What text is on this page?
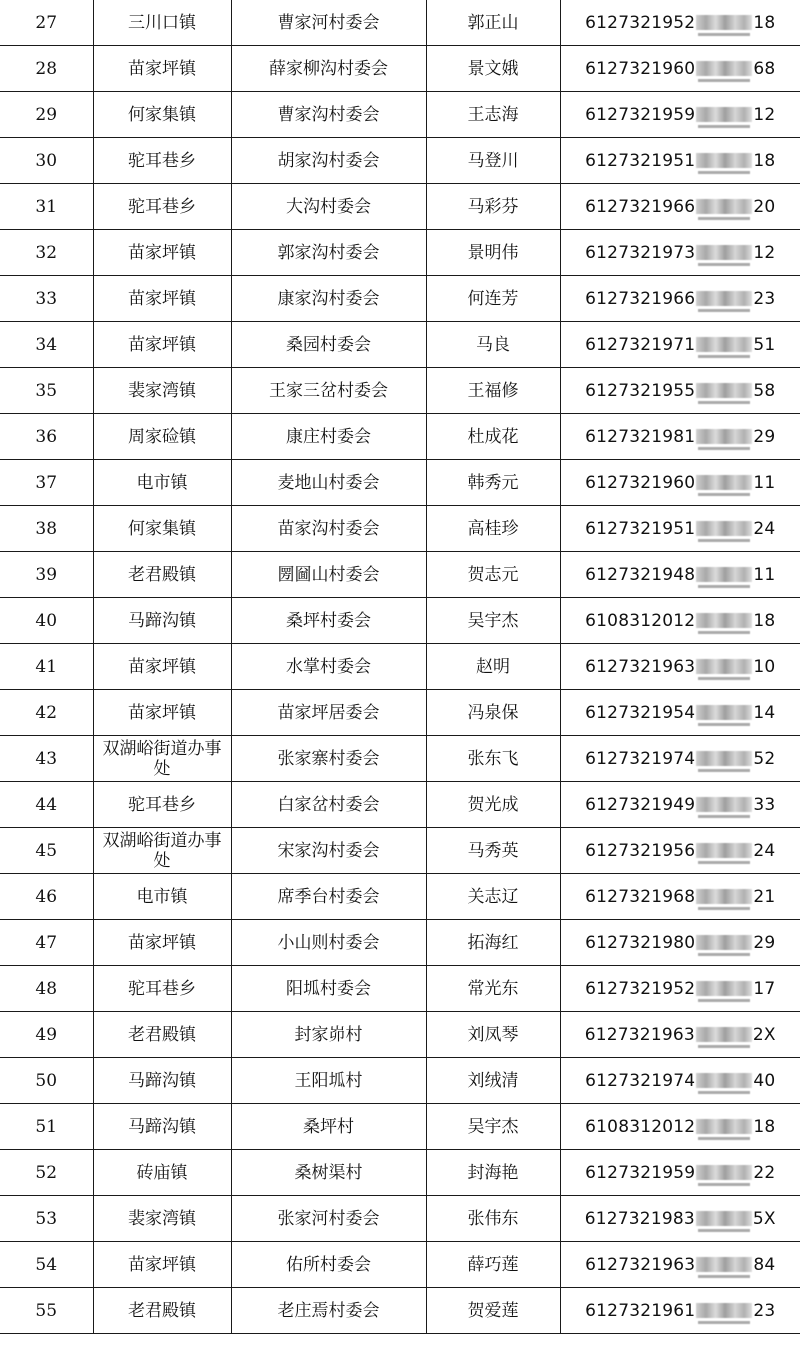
27	三川口镇	曹家河村委会	郭正山	6127321952 18
28	苗家坪镇	薛家柳沟村委会	景文娥	6127321960 68
29	何家集镇	曹家沟村委会	王志海	6127321959 12
30	驼耳巷乡	胡家沟村委会	马登川	6127321951 18
31	驼耳巷乡	大沟村委会	马彩芬	6127321966 20
32	苗家坪镇	郭家沟村委会	景明伟	6127321973 12
33	苗家坪镇	康家沟村委会	何连芳	6127321966 23
34	苗家坪镇	桑园村委会	马良	6127321971 51
35	裴家湾镇	王家三岔村委会	王福修	6127321955 58
36	周家硷镇	康庄村委会	杜成花	6127321981 29
37	电市镇	麦地山村委会	韩秀元	6127321960 11
38	何家集镇	苗家沟村委会	高桂珍	6127321951 24
39	老君殿镇	圐圙山村委会	贺志元	6127321948 11
40	马蹄沟镇	桑坪村委会	吴宇杰	6108312012 18
41	苗家坪镇	水掌村委会	赵明	6127321963 10
42	苗家坪镇	苗家坪居委会	冯泉保	6127321954 14
43	双湖峪街道办事处	张家寨村委会	张东飞	6127321974 52
44	驼耳巷乡	白家岔村委会	贺光成	6127321949 33
45	双湖峪街道办事处	宋家沟村委会	马秀英	6127321956 24
46	电市镇	席季台村委会	关志辽	6127321968 21
47	苗家坪镇	小山则村委会	拓海红	6127321980 29
48	驼耳巷乡	阳坬村委会	常光东	6127321952 17
49	老君殿镇	封家峁村	刘凤琴	6127321963 2X
50	马蹄沟镇	王阳坬村	刘绒清	6127321974 40
51	马蹄沟镇	桑坪村	吴宇杰	6108312012 18
52	砖庙镇	桑树渠村	封海艳	6127321959 22
53	裴家湾镇	张家河村委会	张伟东	6127321983 5X
54	苗家坪镇	佑所村委会	薛巧莲	6127321963 84
55	老君殿镇	老庄焉村委会	贺爱莲	6127321961 23
